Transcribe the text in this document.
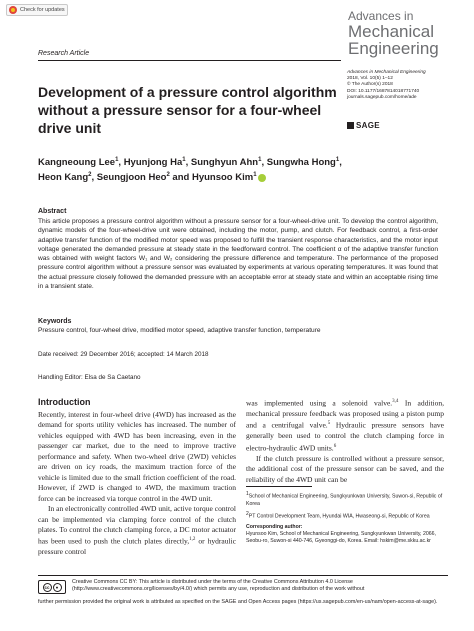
Check for updates	Advances in
Mechanical
Engineering
Research Article
Advances in Mechanical Engineering
2018, Vol. 10(5) 1–12
© The Author(s) 2018
DOI: 10.1177/1687814018771740
journals.sagepub.com/home/ade
SAGE
Development of a pressure control algorithm without a pressure sensor for a four-wheel drive unit
Kangneoung Lee$^1$, Hyunjong Ha$^1$, Sunghyun Ahn$^1$, Sungwha Hong$^1$,
Heon Kang$^2$, Seungjoon Heo$^2$ and Hyunsoo Kim$^1$
Abstract
This article proposes a pressure control algorithm without a pressure sensor for a four-wheel-drive unit. To develop the control algorithm, dynamic models of the four-wheel-drive unit were obtained, including the motor, pump, and clutch. For feedback control, a first-order adaptive transfer function of the modified motor speed was proposed to fulfill the transient response characteristics, and the motor input voltage generated the demanded pressure at steady state in the feedforward control. The coefficient α of the adaptive transfer function was obtained with weight factors W₁ and W₂ considering the pressure difference and temperature. The performance of the proposed pressure control algorithm without a pressure sensor was evaluated by experiments at various operating temperatures. It was found that the actual pressure closely followed the demanded pressure with an acceptable error at steady state and within an acceptable rising time in a transient state.
Keywords
Pressure control, four-wheel drive, modified motor speed, adaptive transfer function, temperature
Date received: 29 December 2016; accepted: 14 March 2018
Handling Editor: Elsa de Sa Caetano
Introduction

Recently, interest in four-wheel drive (4WD) has increased as the demand for sports utility vehicles has increased. The number of vehicles equipped with 4WD has been increasing, even in the passenger car market, due to the need to improve tractive performance and safety. When two-wheel drive (2WD) vehicles are driven on icy roads, the maximum traction force of the vehicle is limited due to the small friction coefficient of the road. However, if 2WD is changed to 4WD, the maximum traction force can be increased via torque control in the 4WD unit.

In an electronically controlled 4WD unit, active torque control can be implemented via clamping force control of the clutch plates. To control the clutch clamping force, a DC motor actuator has been used to push the clutch plates directly,$^{1,2}$ or hydraulic pressure control

was implemented using a solenoid valve.$^{3,4}$ In addition, mechanical pressure feedback was proposed using a piston pump and a centrifugal valve.$^5$ Hydraulic pressure sensors have generally been used to control the clutch clamping force in electro-hydraulic 4WD units.$^6$

If the clutch pressure is controlled without a pressure sensor, the additional cost of the pressure sensor can be saved, and the reliability of the 4WD unit can be

$^1$School of Mechanical Engineering, Sungkyunkwan University, Suwon-si, Republic of Korea

$^2$PT Control Development Team, Hyundai WIA, Hwaseong-si, Republic of Korea

Corresponding author:
Hyunsoo Kim, School of Mechanical Engineering, Sungkyunkwan University, 2066, Seobu-ro, Suwon-si 440-746, Gyeonggi-do, Korea. Email: hskim@me.skku.ac.kr

cc	●
Creative Commons CC BY: This article is distributed under the terms of the Creative Commons Attribution 4.0 License (http://www.creativecommons.org/licenses/by/4.0/) which permits any use, reproduction and distribution of the work without
further permission provided the original work is attributed as specified on the SAGE and Open Access pages (https://us.sagepub.com/en-us/nam/open-access-at-sage).
